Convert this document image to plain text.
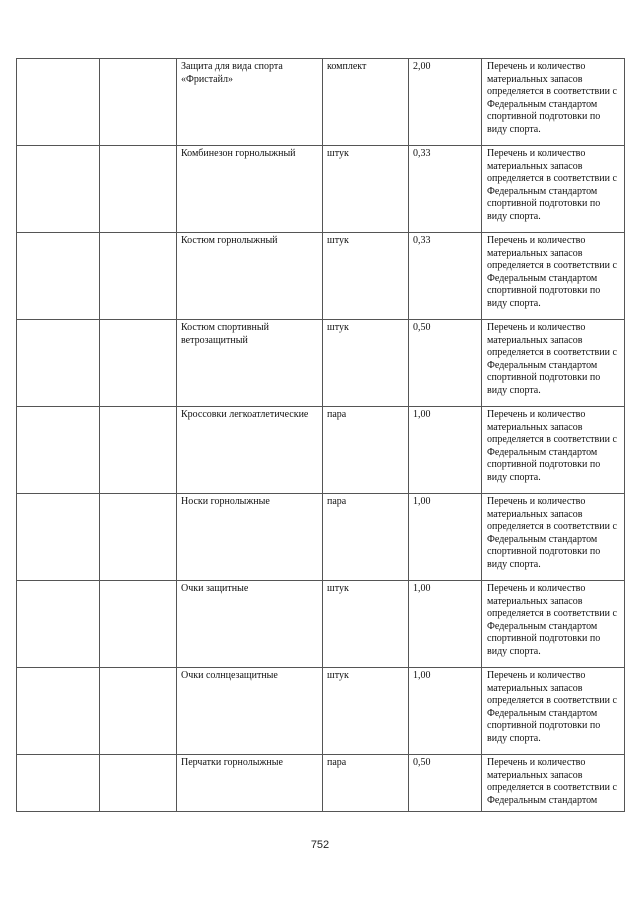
		Защита для вида спорта «Фристайл»	комплект	2,00	Перечень и количество материальных запасов определяется в соответствии с Федеральным стандартом спортивной подготовки по виду спорта.
		Комбинезон горнолыжный	штук	0,33	Перечень и количество материальных запасов определяется в соответствии с Федеральным стандартом спортивной подготовки по виду спорта.
		Костюм горнолыжный	штук	0,33	Перечень и количество материальных запасов определяется в соответствии с Федеральным стандартом спортивной подготовки по виду спорта.
		Костюм спортивный ветрозащитный	штук	0,50	Перечень и количество материальных запасов определяется в соответствии с Федеральным стандартом спортивной подготовки по виду спорта.
		Кроссовки легкоатлетические	пара	1,00	Перечень и количество материальных запасов определяется в соответствии с Федеральным стандартом спортивной подготовки по виду спорта.
		Носки горнолыжные	пара	1,00	Перечень и количество материальных запасов определяется в соответствии с Федеральным стандартом спортивной подготовки по виду спорта.
		Очки защитные	штук	1,00	Перечень и количество материальных запасов определяется в соответствии с Федеральным стандартом спортивной подготовки по виду спорта.
		Очки солнцезащитные	штук	1,00	Перечень и количество материальных запасов определяется в соответствии с Федеральным стандартом спортивной подготовки по виду спорта.
		Перчатки горнолыжные	пара	0,50	Перечень и количество материальных запасов определяется в соответствии с Федеральным стандартом
752
